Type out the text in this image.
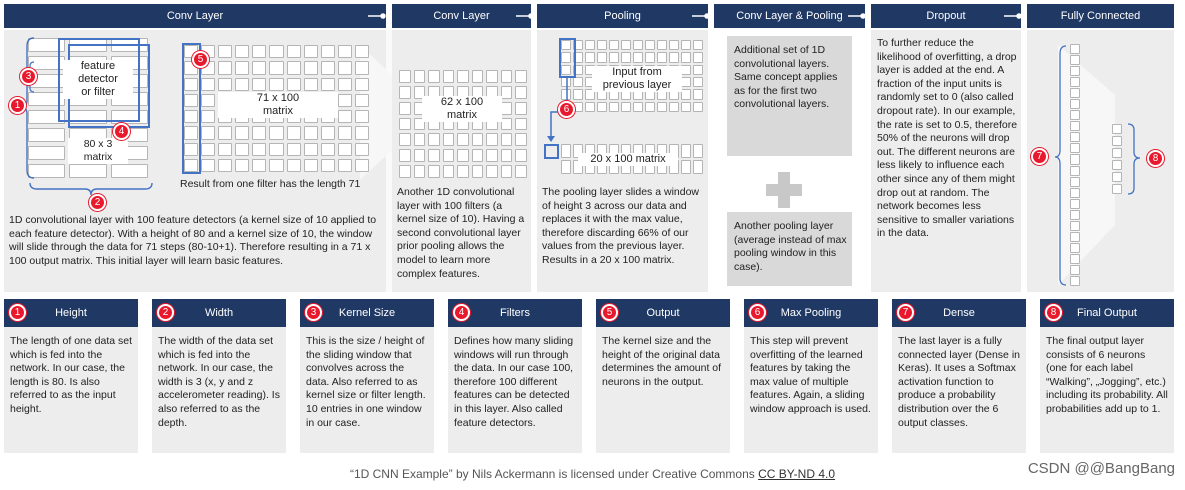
Conv Layer	Conv Layer	Pooling	Conv Layer & Pooling	Dropout	Fully Connected
feature
detector
or filter
80 x 3
matrix
71 x 100
matrix
Result from one filter has the length 71
1D convolutional layer with 100 feature detectors (a kernel size of 10 applied to each feature detector). With a height of 80 and a kernel size of 10, the window will slide through the data for 71 steps (80-10+1). Therefore resulting in a 71 x 100 output matrix. This initial layer will learn basic features.
62 x 100
matrix
Another 1D convolutional layer with 100 filters (a kernel size of 10). Having a second convolutional layer prior pooling allows the model to learn more complex features.
Input from
previous layer
20 x 100 matrix
The pooling layer slides a window of height 3 across our data and replaces it with the max value, therefore discarding 66% of our values from the previous layer. Results in a 20 x 100 matrix.
Additional set of 1D convolutional layers. Same concept applies as for the first two convolutional layers.
Another pooling layer (average instead of max pooling window in this case).
To further reduce the likelihood of overfitting, a drop layer is added at the end. A fraction of the input units is randomly set to 0 (also called dropout rate). In our example, the rate is set to 0.5, therefore 50% of the neurons will drop out. The different neurons are less likely to influence each other since any of them might drop out at random. The network becomes less sensitive to smaller variations in the data.
1
2
3
4
5
6
7	8
1	Height
The length of one data set which is fed into the network. In our case, the length is 80. Is also referred to as the input height.
2	Width
The width of the data set which is fed into the network. In our case, the width is 3 (x, y and z accelerometer reading). Is also referred to as the depth.
3	Kernel Size
This is the size / height of the sliding window that convolves across the data. Also referred to as kernel size or filter length. 10 entries in one window in our case.
4	Filters
Defines how many sliding windows will run through the data. In our case 100, therefore 100 different features can be detected in this layer. Also called feature detectors.
5	Output
The kernel size and the height of the original data determines the amount of neurons in the output.
6	Max Pooling
This step will prevent overfitting of the learned features by taking the max value of multiple features. Again, a sliding window approach is used.
7	Dense
The last layer is a fully connected layer (Dense in Keras). It uses a Softmax activation function to produce a probability distribution over the 6 output classes.
8	Final Output
The final output layer consists of 6 neurons (one for each label “Walking”, „Jogging”, etc.) including its probability. All probabilities add up to 1.
“1D CNN Example” by Nils Ackermann is licensed under Creative Commons CC BY-ND 4.0	CSDN @@BangBang
